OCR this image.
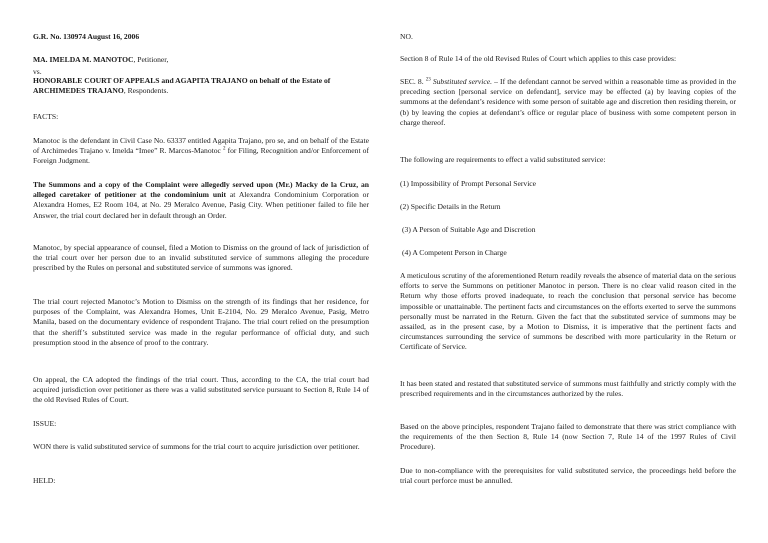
G.R. No. 130974 August 16, 2006

MA. IMELDA M. MANOTOC, Petitioner,

vs.

HONORABLE COURT OF APPEALS and AGAPITA TRAJANO on behalf of the Estate of ARCHIMEDES TRAJANO, Respondents.

FACTS:

Manotoc is the defendant in Civil Case No. 63337 entitled Agapita Trajano, pro se, and on behalf of the Estate of Archimedes Trajano v. Imelda “Imee” R. Marcos-Manotoc $^2$ for Filing, Recognition and/or Enforcement of Foreign Judgment.

The Summons and a copy of the Complaint were allegedly served upon (Mr.) Macky de la Cruz, an alleged caretaker of petitioner at the condominium unit at Alexandra Condominium Corporation or Alexandra Homes, E2 Room 104, at No. 29 Meralco Avenue, Pasig City. When petitioner failed to file her Answer, the trial court declared her in default through an Order.

Manotoc, by special appearance of counsel, filed a Motion to Dismiss on the ground of lack of jurisdiction of the trial court over her person due to an invalid substituted service of summons alleging the procedure prescribed by the Rules on personal and substituted service of summons was ignored.

The trial court rejected Manotoc’s Motion to Dismiss on the strength of its findings that her residence, for purposes of the Complaint, was Alexandra Homes, Unit E-2104, No. 29 Meralco Avenue, Pasig, Metro Manila, based on the documentary evidence of respondent Trajano. The trial court relied on the presumption that the sheriff’s substituted service was made in the regular performance of official duty, and such presumption stood in the absence of proof to the contrary.

On appeal, the CA adopted the findings of the trial court. Thus, according to the CA, the trial court had acquired jurisdiction over petitioner as there was a valid substituted service pursuant to Section 8, Rule 14 of the old Revised Rules of Court.

ISSUE:

WON there is valid substituted service of summons for the trial court to acquire jurisdiction over petitioner.

HELD:

NO.

Section 8 of Rule 14 of the old Revised Rules of Court which applies to this case provides:

SEC. 8. $^{23}$ Substituted service. – If the defendant cannot be served within a reasonable time as provided in the preceding section [personal service on defendant], service may be effected (a) by leaving copies of the summons at the defendant’s residence with some person of suitable age and discretion then residing therein, or (b) by leaving the copies at defendant’s office or regular place of business with some competent person in charge thereof.

The following are requirements to effect a valid substituted service:

(1) Impossibility of Prompt Personal Service

(2) Specific Details in the Return

(3) A Person of Suitable Age and Discretion

(4) A Competent Person in Charge

A meticulous scrutiny of the aforementioned Return readily reveals the absence of material data on the serious efforts to serve the Summons on petitioner Manotoc in person. There is no clear valid reason cited in the Return why those efforts proved inadequate, to reach the conclusion that personal service has become impossible or unattainable. The pertinent facts and circumstances on the efforts exerted to serve the summons personally must be narrated in the Return. Given the fact that the substituted service of summons may be assailed, as in the present case, by a Motion to Dismiss, it is imperative that the pertinent facts and circumstances surrounding the service of summons be described with more particularity in the Return or Certificate of Service.

It has been stated and restated that substituted service of summons must faithfully and strictly comply with the prescribed requirements and in the circumstances authorized by the rules.

Based on the above principles, respondent Trajano failed to demonstrate that there was strict compliance with the requirements of the then Section 8, Rule 14 (now Section 7, Rule 14 of the 1997 Rules of Civil Procedure).

Due to non-compliance with the prerequisites for valid substituted service, the proceedings held before the trial court perforce must be annulled.
